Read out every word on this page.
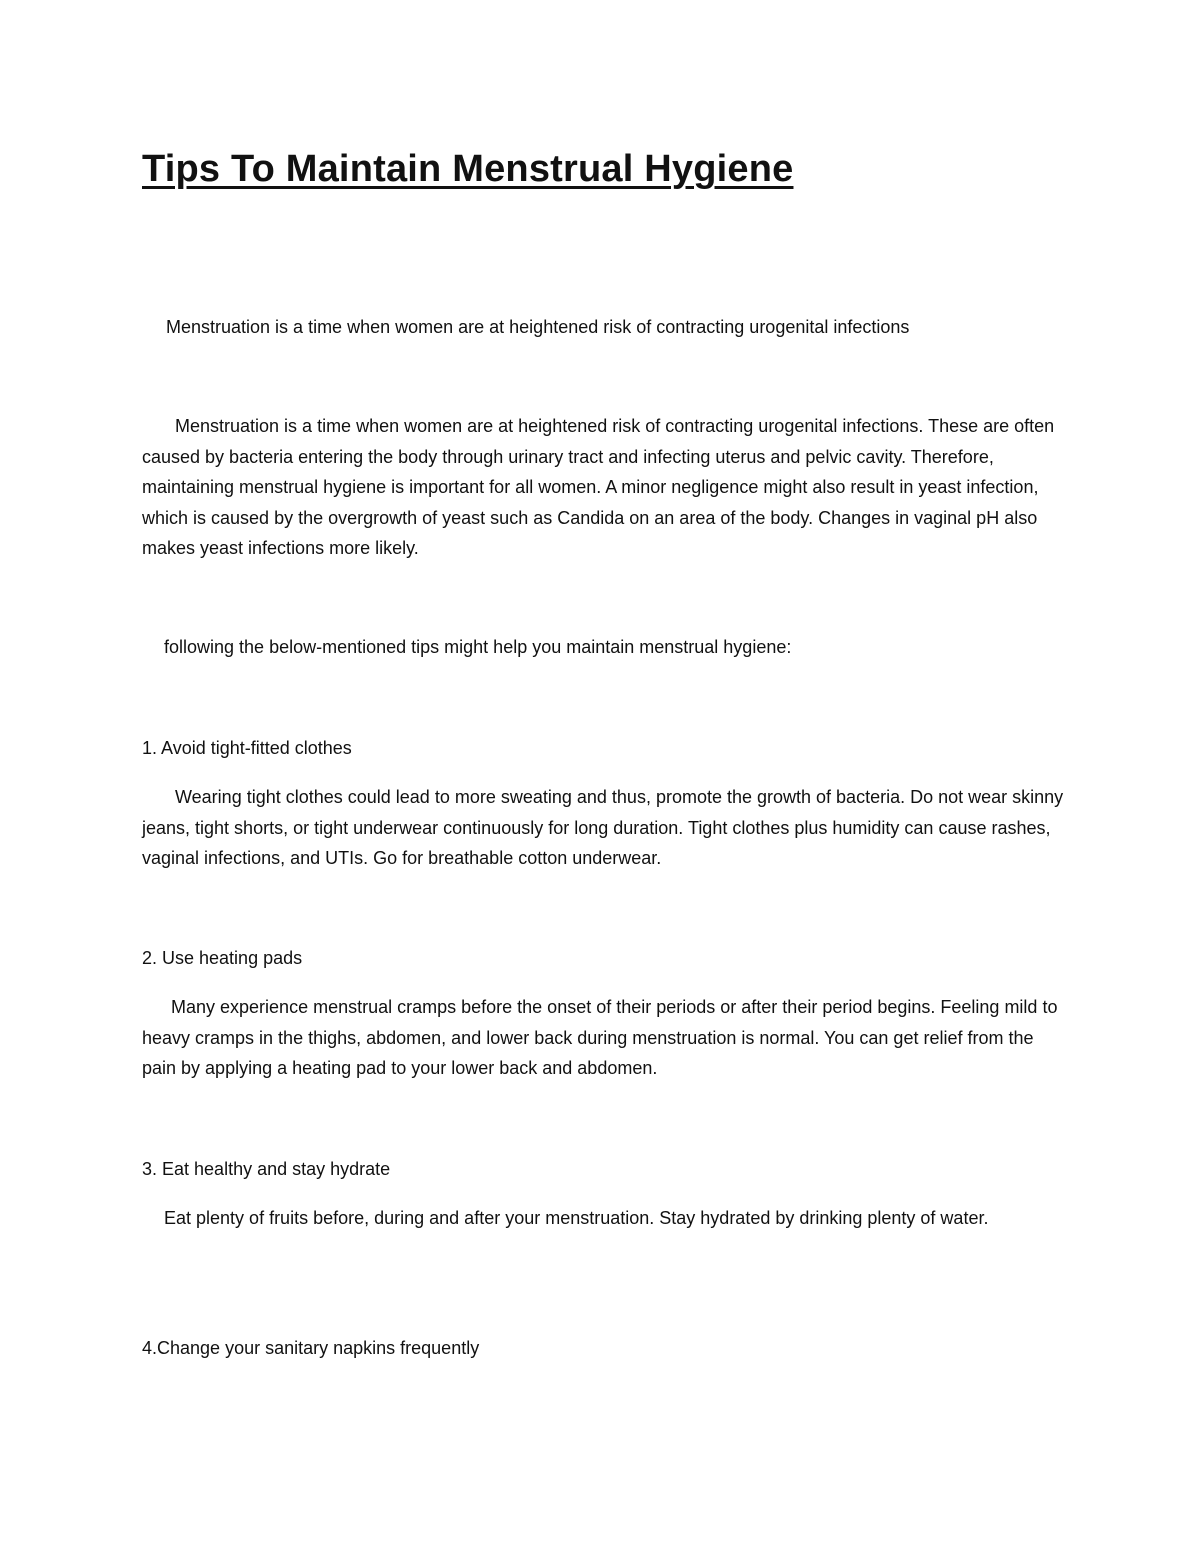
Tips To Maintain Menstrual Hygiene

Menstruation is a time when women are at heightened risk of contracting urogenital infections

Menstruation is a time when women are at heightened risk of contracting urogenital infections. These are often caused by bacteria entering the body through urinary tract and infecting uterus and pelvic cavity. Therefore, maintaining menstrual hygiene is important for all women. A minor negligence might also result in yeast infection, which is caused by the overgrowth of yeast such as Candida on an area of the body. Changes in vaginal pH also makes yeast infections more likely.

following the below-mentioned tips might help you maintain menstrual hygiene:

1. Avoid tight-fitted clothes

Wearing tight clothes could lead to more sweating and thus, promote the growth of bacteria. Do not wear skinny jeans, tight shorts, or tight underwear continuously for long duration. Tight clothes plus humidity can cause rashes, vaginal infections, and UTIs. Go for breathable cotton underwear.

2. Use heating pads

Many experience menstrual cramps before the onset of their periods or after their period begins. Feeling mild to heavy cramps in the thighs, abdomen, and lower back during menstruation is normal. You can get relief from the pain by applying a heating pad to your lower back and abdomen.

3. Eat healthy and stay hydrate

Eat plenty of fruits before, during and after your menstruation. Stay hydrated by drinking plenty of water.

4.Change your sanitary napkins frequently
